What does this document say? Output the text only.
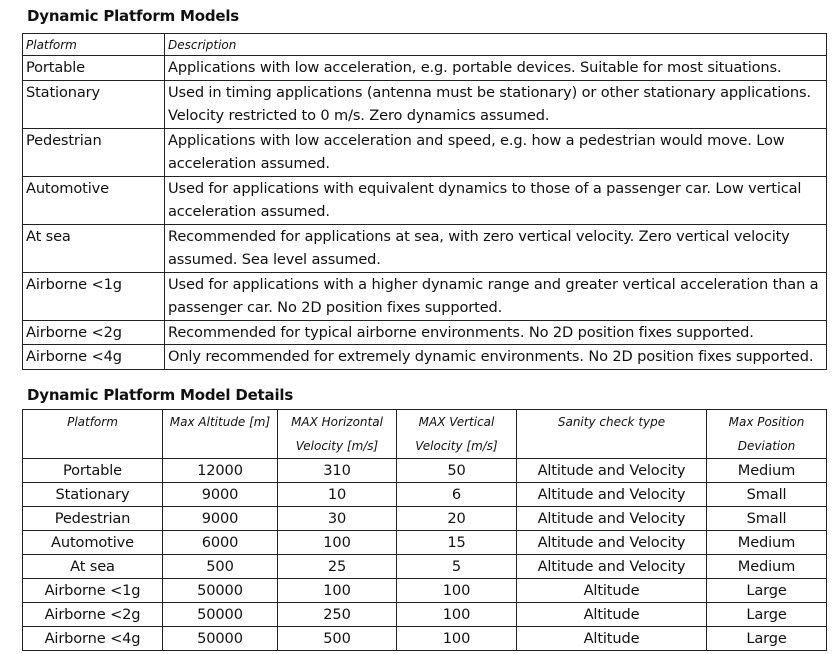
Dynamic Platform Models
Platform	Description
Portable	Applications with low acceleration, e.g. portable devices. Suitable for most situations.
Stationary	Used in timing applications (antenna must be stationary) or other stationary applications. Velocity restricted to 0 m/s. Zero dynamics assumed.
Pedestrian	Applications with low acceleration and speed, e.g. how a pedestrian would move. Low acceleration assumed.
Automotive	Used for applications with equivalent dynamics to those of a passenger car. Low vertical acceleration assumed.
At sea	Recommended for applications at sea, with zero vertical velocity. Zero vertical velocity assumed. Sea level assumed.
Airborne <1g	Used for applications with a higher dynamic range and greater vertical acceleration than a passenger car. No 2D position fixes supported.
Airborne <2g	Recommended for typical airborne environments. No 2D position fixes supported.
Airborne <4g	Only recommended for extremely dynamic environments. No 2D position fixes supported.
Dynamic Platform Model Details
Platform	Max Altitude [m]	MAX Horizontal Velocity [m/s]	MAX Vertical Velocity [m/s]	Sanity check type	Max Position Deviation
Portable	12000	310	50	Altitude and Velocity	Medium
Stationary	9000	10	6	Altitude and Velocity	Small
Pedestrian	9000	30	20	Altitude and Velocity	Small
Automotive	6000	100	15	Altitude and Velocity	Medium
At sea	500	25	5	Altitude and Velocity	Medium
Airborne <1g	50000	100	100	Altitude	Large
Airborne <2g	50000	250	100	Altitude	Large
Airborne <4g	50000	500	100	Altitude	Large
